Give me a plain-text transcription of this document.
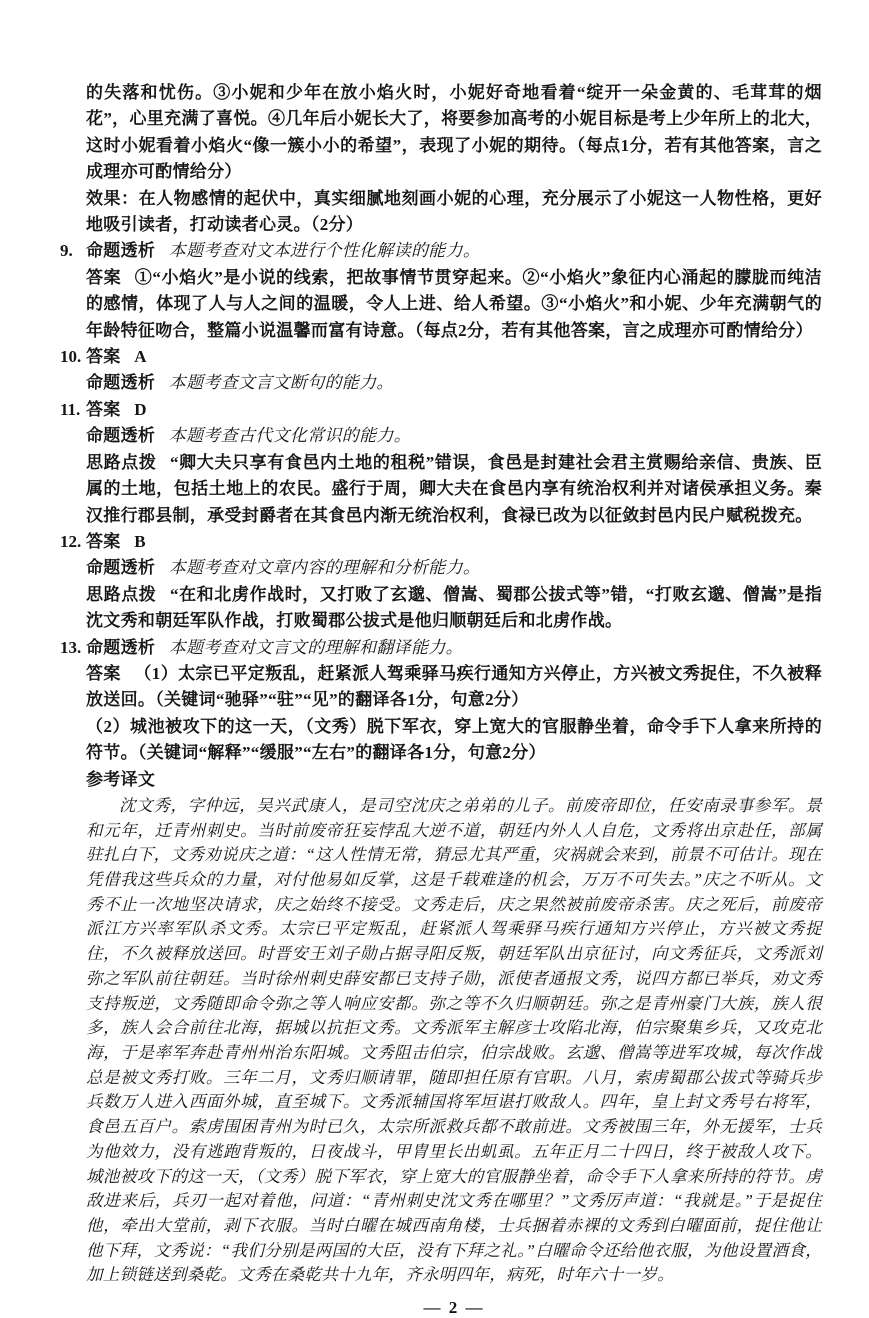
的失落和忧伤。③小妮和少年在放小焰火时，小妮好奇地看着“绽开一朵金黄的、毛茸茸的烟花”，心里充满了喜悦。④几年后小妮长大了，将要参加高考的小妮目标是考上少年所上的北大，这时小妮看着小焰火“像一簇小小的希望”，表现了小妮的期待。（每点1分，若有其他答案，言之成理亦可酌情给分）
效果：在人物感情的起伏中，真实细腻地刻画小妮的心理，充分展示了小妮这一人物性格，更好地吸引读者，打动读者心灵。（2分）
9. 命题透析 本题考查对文本进行个性化解读的能力。
答案 ①“小焰火”是小说的线索，把故事情节贯穿起来。②“小焰火”象征内心涌起的朦胧而纯洁的感情，体现了人与人之间的温暖，令人上进、给人希望。③“小焰火”和小妮、少年充满朝气的年龄特征吻合，整篇小说温馨而富有诗意。（每点2分，若有其他答案，言之成理亦可酌情给分）
10. 答案 A
命题透析 本题考查文言文断句的能力。
11. 答案 D
命题透析 本题考查古代文化常识的能力。
思路点拨 “卿大夫只享有食邑内土地的租税”错误，食邑是封建社会君主赏赐给亲信、贵族、臣属的土地，包括土地上的农民。盛行于周，卿大夫在食邑内享有统治权利并对诸侯承担义务。秦汉推行郡县制，承受封爵者在其食邑内渐无统治权利，食禄已改为以征敛封邑内民户赋税拨充。
12. 答案 B
命题透析 本题考查对文章内容的理解和分析能力。
思路点拨 “在和北虏作战时，又打败了玄邈、僧嵩、蜀郡公拔式等”错，“打败玄邈、僧嵩”是指沈文秀和朝廷军队作战，打败蜀郡公拔式是他归顺朝廷后和北虏作战。
13. 命题透析 本题考查对文言文的理解和翻译能力。
答案 （1）太宗已平定叛乱，赶紧派人驾乘驿马疾行通知方兴停止，方兴被文秀捉住，不久被释放送回。（关键词“驰驿”“驻”“见”的翻译各1分，句意2分）
（2）城池被攻下的这一天，（文秀）脱下军衣，穿上宽大的官服静坐着，命令手下人拿来所持的符节。（关键词“解释”“缓服”“左右”的翻译各1分，句意2分）
参考译文
沈文秀，字仲远，吴兴武康人，是司空沈庆之弟弟的儿子。前废帝即位，任安南录事参军。景和元年，迁青州刺史。当时前废帝狂妄悖乱大逆不道，朝廷内外人人自危，文秀将出京赴任，部属驻扎白下，文秀劝说庆之道：“这人性情无常，猜忌尤其严重，灾祸就会来到，前景不可估计。现在凭借我这些兵众的力量，对付他易如反掌，这是千载难逢的机会，万万不可失去。”庆之不听从。文秀不止一次地坚决请求，庆之始终不接受。文秀走后，庆之果然被前废帝杀害。庆之死后，前废帝派江方兴率军队杀文秀。太宗已平定叛乱，赶紧派人驾乘驿马疾行通知方兴停止，方兴被文秀捉住，不久被释放送回。时晋安王刘子勋占据寻阳反叛，朝廷军队出京征讨，向文秀征兵，文秀派刘弥之军队前往朝廷。当时徐州刺史薛安都已支持子勋，派使者通报文秀，说四方都已举兵，劝文秀支持叛逆，文秀随即命令弥之等人响应安都。弥之等不久归顺朝廷。弥之是青州豪门大族，族人很多，族人会合前往北海，据城以抗拒文秀。文秀派军主解彦士攻陷北海，伯宗聚集乡兵，又攻克北海，于是率军奔赴青州州治东阳城。文秀阻击伯宗，伯宗战败。玄邈、僧嵩等进军攻城，每次作战总是被文秀打败。三年二月，文秀归顺请罪，随即担任原有官职。八月，索虏蜀郡公拔式等骑兵步兵数万人进入西面外城，直至城下。文秀派辅国将军垣谌打败敌人。四年，皇上封文秀号右将军，食邑五百户。索虏围困青州为时已久，太宗所派救兵都不敢前进。文秀被围三年，外无援军，士兵为他效力，没有逃跑背叛的，日夜战斗，甲胄里长出虮虱。五年正月二十四日，终于被敌人攻下。城池被攻下的这一天，（文秀）脱下军衣，穿上宽大的官服静坐着，命令手下人拿来所持的符节。虏敌进来后，兵刃一起对着他，问道：“青州刺史沈文秀在哪里？”文秀厉声道：“我就是。”于是捉住他，牵出大堂前，剥下衣服。当时白曜在城西南角楼，士兵捆着赤裸的文秀到白曜面前，捉住他让他下拜，文秀说：“我们分别是两国的大臣，没有下拜之礼。”白曜命令还给他衣服，为他设置酒食，加上锁链送到桑乾。文秀在桑乾共十九年，齐永明四年，病死，时年六十一岁。
— 2 —
